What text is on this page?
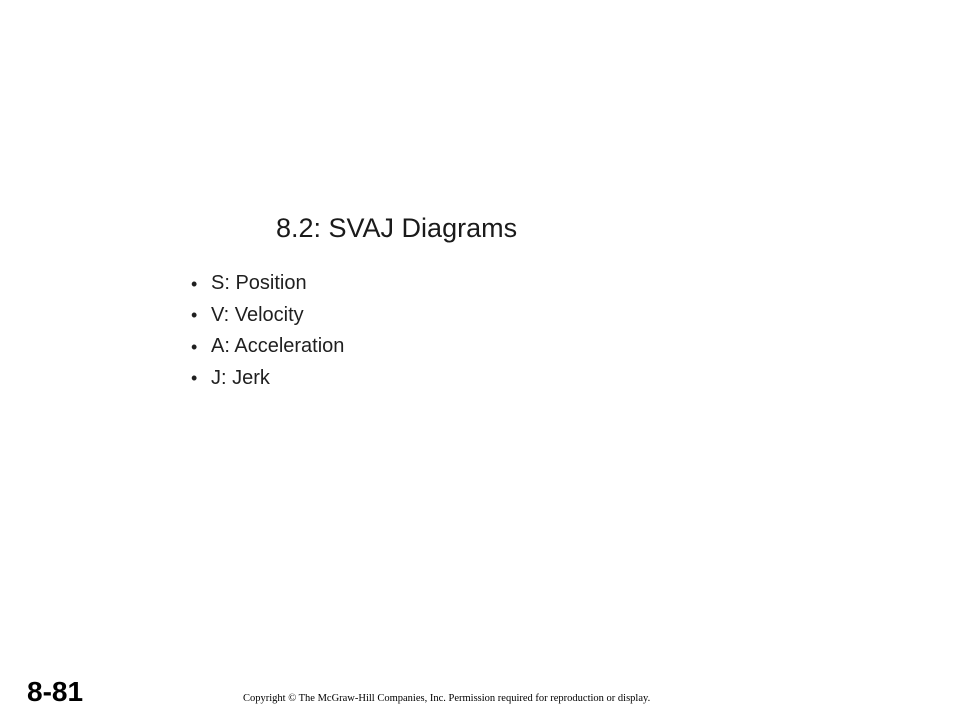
8.2: SVAJ Diagrams
• S: Position
• V: Velocity
• A: Acceleration
• J: Jerk
8-81	Copyright © The McGraw-Hill Companies, Inc. Permission required for reproduction or display.
